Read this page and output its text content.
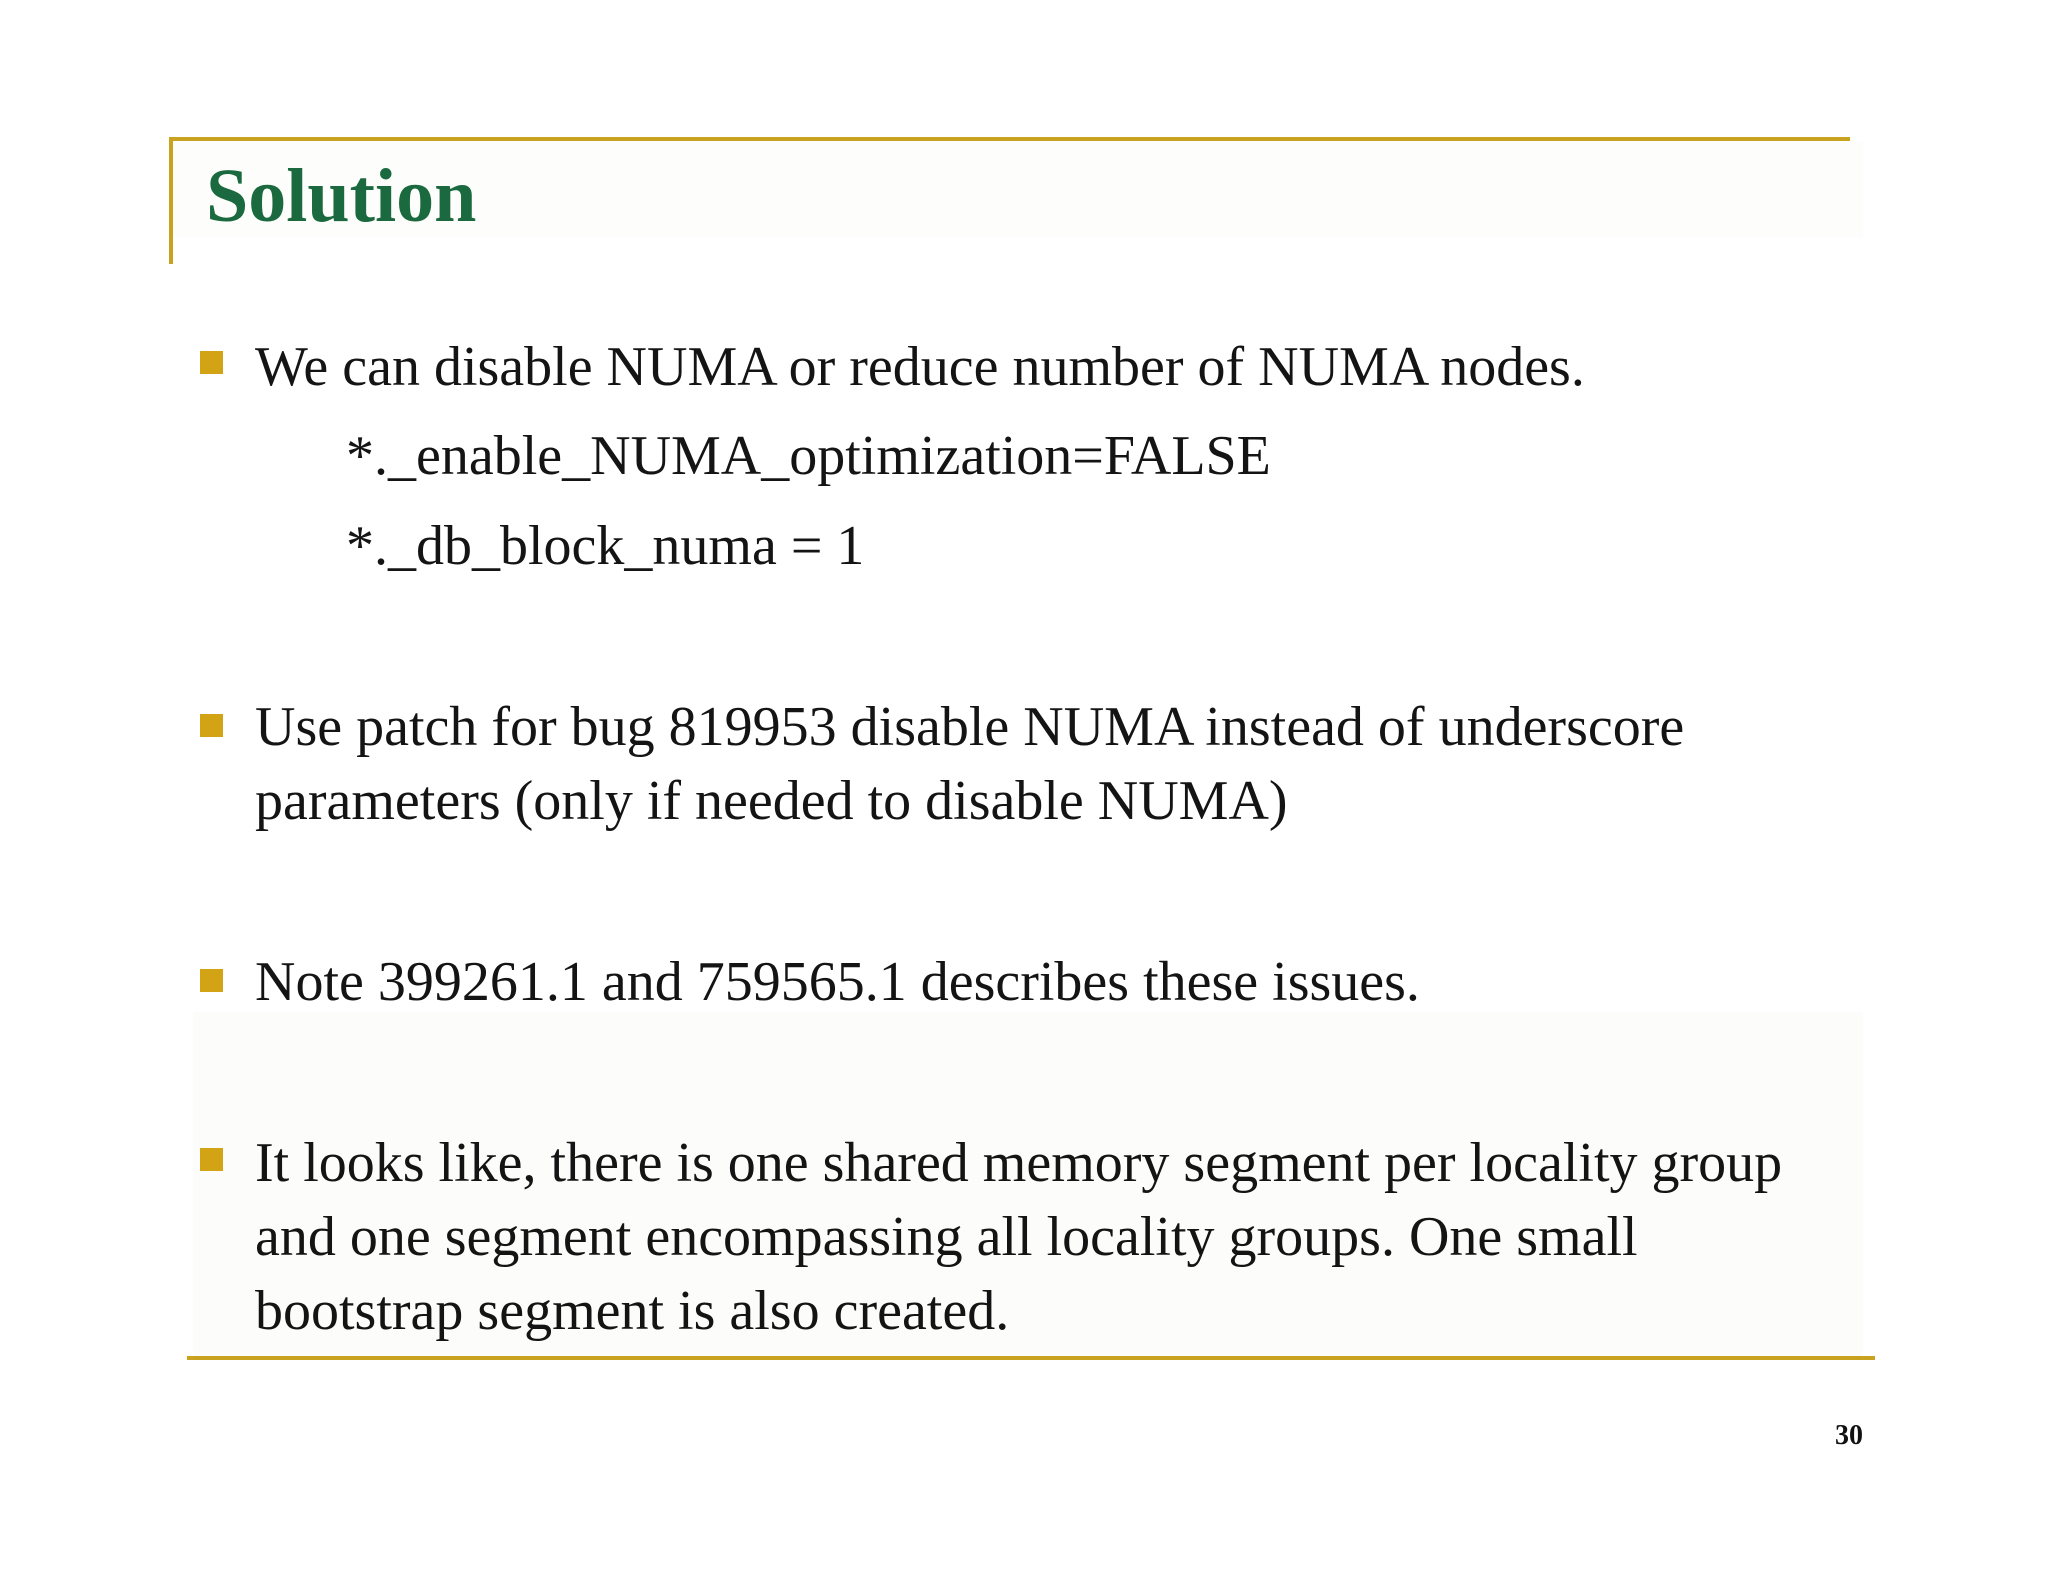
Solution
We can disable NUMA or reduce number of NUMA nodes.
*._enable_NUMA_optimization=FALSE
*._db_block_numa = 1
Use patch for bug 819953 disable NUMA instead of underscore parameters (only if needed to disable NUMA)
Note 399261.1 and 759565.1 describes these issues.
It looks like, there is one shared memory segment per locality group and one segment encompassing all locality groups. One small bootstrap segment is also created.
30
